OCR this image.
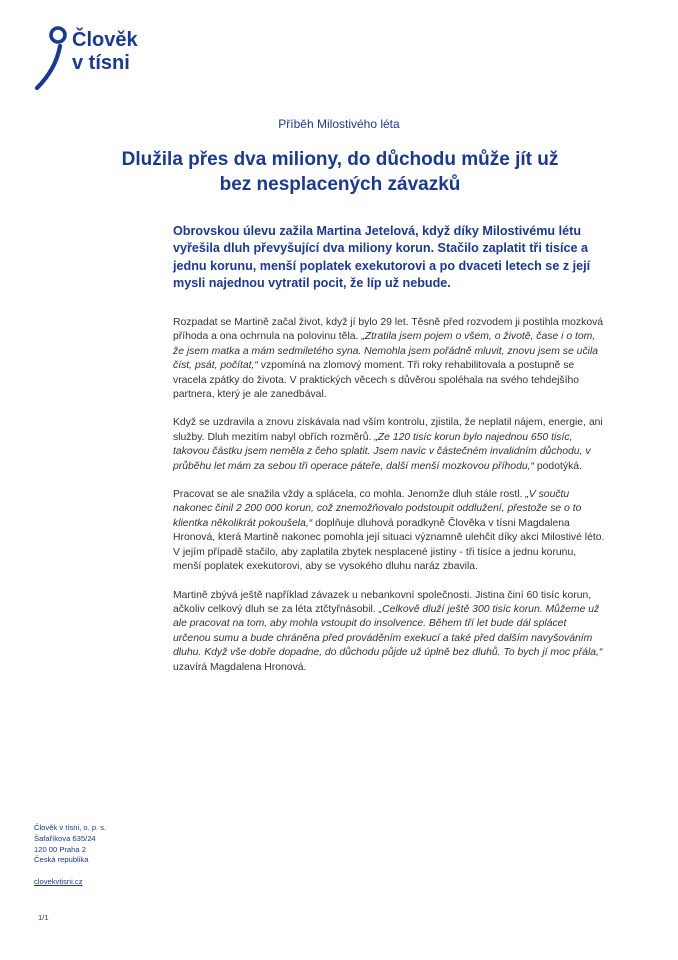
Člověk
v tísni
Příběh Milostivého léta
Dlužila přes dva miliony, do důchodu může jít už bez nesplacených závazků

Obrovskou úlevu zažila Martina Jetelová, když díky Milostivému létu vyřešila dluh převyšující dva miliony korun. Stačilo zaplatit tři tisíce a jednu korunu, menší poplatek exekutorovi a po dvaceti letech se z její mysli najednou vytratil pocit, že líp už nebude.

Rozpadat se Martině začal život, když jí bylo 29 let. Těsně před rozvodem ji postihla mozková příhoda a ona ochrnula na polovinu těla. „Ztratila jsem pojem o všem, o životě, čase i o tom, že jsem matka a mám sedmiletého syna. Nemohla jsem pořádně mluvit, znovu jsem se učila číst, psát, počítat,“ vzpomíná na zlomový moment. Tři roky rehabilitovala a postupně se vracela zpátky do života. V praktických věcech s důvěrou spoléhala na svého tehdejšího partnera, který je ale zanedbával.

Když se uzdravila a znovu získávala nad vším kontrolu, zjistila, že neplatil nájem, energie, ani služby. Dluh mezitím nabyl obřích rozměrů. „Ze 120 tisíc korun bylo najednou 650 tisíc, takovou částku jsem neměla z čeho splatit. Jsem navíc v částečném invalidním důchodu, v průběhu let mám za sebou tři operace páteře, další menší mozkovou příhodu,“ podotýká.

Pracovat se ale snažila vždy a splácela, co mohla. Jenomže dluh stále rostl. „V součtu nakonec činil 2 200 000 korun, což znemožňovalo podstoupit oddlužení, přestože se o to klientka několikrát pokoušela,“ doplňuje dluhová poradkyně Člověka v tísni Magdalena Hronová, která Martině nakonec pomohla její situaci významně ulehčit díky akci Milostivé léto. V jejím případě stačilo, aby zaplatila zbytek nesplacené jistiny - tři tisíce a jednu korunu, menší poplatek exekutorovi, aby se vysokého dluhu naráz zbavila.

Martině zbývá ještě například závazek u nebankovní společnosti. Jistina činí 60 tisíc korun, ačkoliv celkový dluh se za léta ztčtyřnásobil. „Celkově dluží ještě 300 tisíc korun. Můžeme už ale pracovat na tom, aby mohla vstoupit do insolvence. Během tří let bude dál splácet určenou sumu a bude chráněna před prováděním exekucí a také před dalším navyšováním dluhu. Když vše dobře dopadne, do důchodu půjde už úplně bez dluhů. To bych jí moc přála,“ uzavírá Magdalena Hronová.

Člověk v tísni, o. p. s.
Šafaříkova 635/24
120 00 Praha 2
Česká republika
clovekvtisni.cz
1/1
